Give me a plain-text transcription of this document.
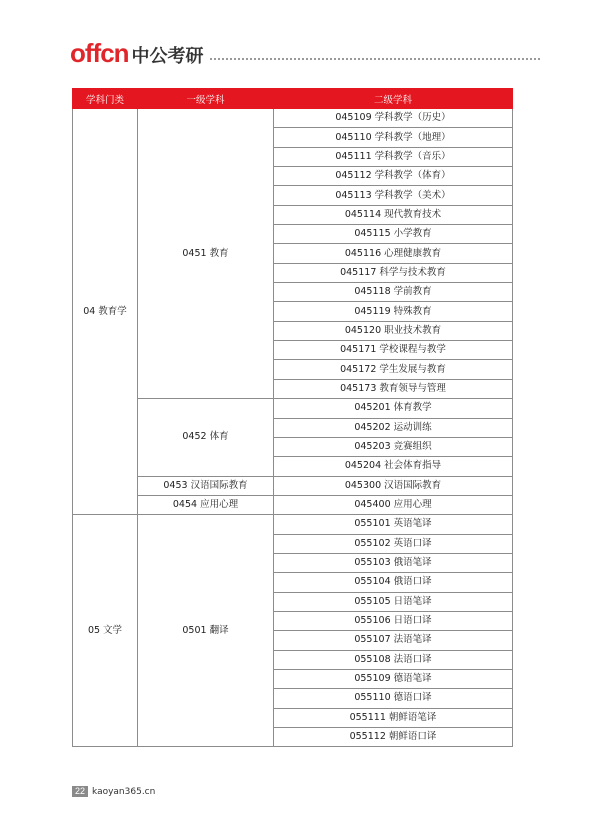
offcn 中公考研
学科门类	一级学科	二级学科
04 教育学	0451 教育	045109 学科教学（历史）
		045110 学科教学（地理）
		045111 学科教学（音乐）
		045112 学科教学（体育）
		045113 学科教学（美术）
		045114 现代教育技术
		045115 小学教育
		045116 心理健康教育
		045117 科学与技术教育
		045118 学前教育
		045119 特殊教育
		045120 职业技术教育
		045171 学校课程与教学
		045172 学生发展与教育
		045173 教育领导与管理
	0452 体育	045201 体育教学
		045202 运动训练
		045203 竞赛组织
		045204 社会体育指导
	0453 汉语国际教育	045300 汉语国际教育
	0454 应用心理	045400 应用心理
05 文学	0501 翻译	055101 英语笔译
		055102 英语口译
		055103 俄语笔译
		055104 俄语口译
		055105 日语笔译
		055106 日语口译
		055107 法语笔译
		055108 法语口译
		055109 德语笔译
		055110 德语口译
		055111 朝鲜语笔译
		055112 朝鲜语口译
22 kaoyan365.cn
